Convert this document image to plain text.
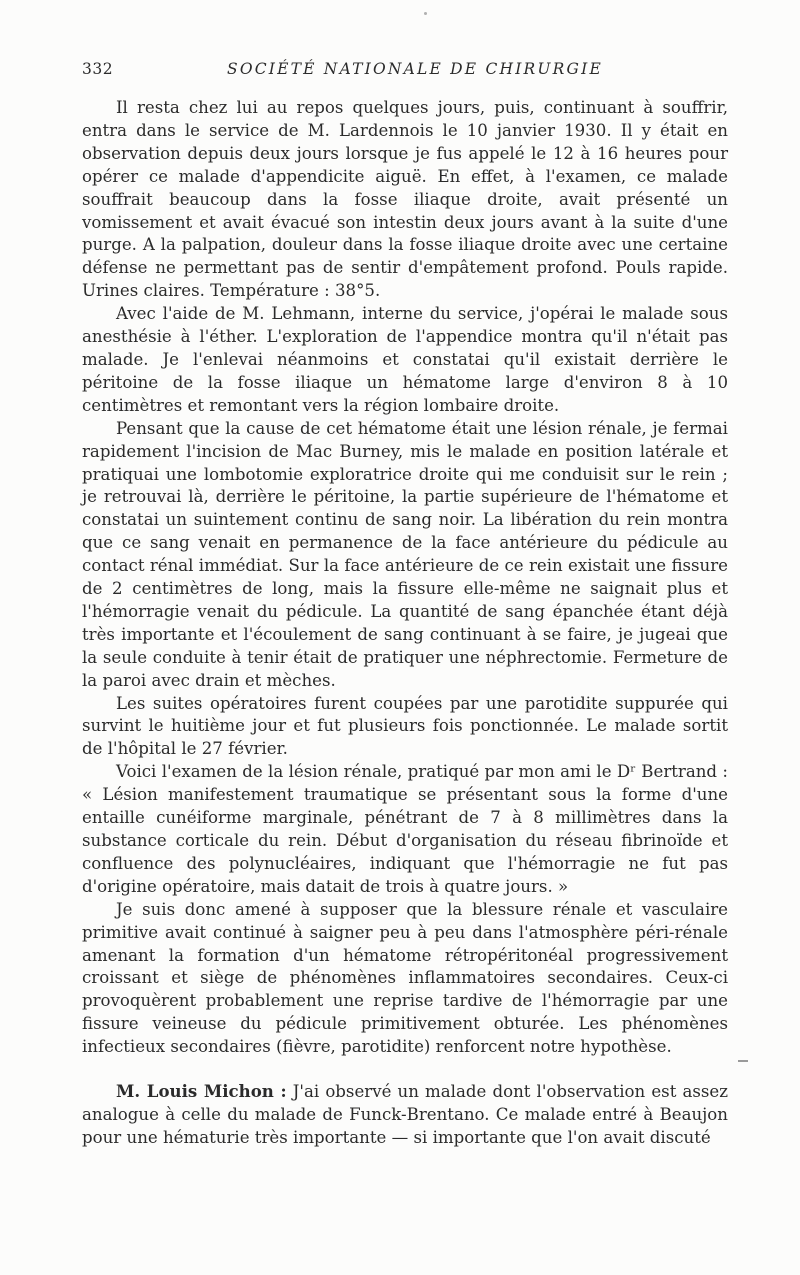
332	SOCIÉTÉ NATIONALE DE CHIRURGIE

Il resta chez lui au repos quelques jours, puis, continuant à souffrir, entra dans le service de M. Lardennois le 10 janvier 1930. Il y était en observation depuis deux jours lorsque je fus appelé le 12 à 16 heures pour opérer ce malade d'appendicite aiguë. En effet, à l'examen, ce malade souffrait beaucoup dans la fosse iliaque droite, avait présenté un vomissement et avait évacué son intestin deux jours avant à la suite d'une purge. A la palpation, douleur dans la fosse iliaque droite avec une certaine défense ne permettant pas de sentir d'empâtement profond. Pouls rapide. Urines claires. Température : 38°5.

Avec l'aide de M. Lehmann, interne du service, j'opérai le malade sous anesthésie à l'éther. L'exploration de l'appendice montra qu'il n'était pas malade. Je l'enlevai néanmoins et constatai qu'il existait derrière le péritoine de la fosse iliaque un hématome large d'environ 8 à 10 centimètres et remontant vers la région lombaire droite.

Pensant que la cause de cet hématome était une lésion rénale, je fermai rapidement l'incision de Mac Burney, mis le malade en position latérale et pratiquai une lombotomie exploratrice droite qui me conduisit sur le rein ; je retrouvai là, derrière le péritoine, la partie supérieure de l'hématome et constatai un suintement continu de sang noir. La libération du rein montra que ce sang venait en permanence de la face antérieure du pédicule au contact rénal immédiat. Sur la face antérieure de ce rein existait une fissure de 2 centimètres de long, mais la fissure elle-même ne saignait plus et l'hémorragie venait du pédicule. La quantité de sang épanchée étant déjà très importante et l'écoulement de sang continuant à se faire, je jugeai que la seule conduite à tenir était de pratiquer une néphrectomie. Fermeture de la paroi avec drain et mèches.

Les suites opératoires furent coupées par une parotidite suppurée qui survint le huitième jour et fut plusieurs fois ponctionnée. Le malade sortit de l'hôpital le 27 février.

Voici l'examen de la lésion rénale, pratiqué par mon ami le Dʳ Bertrand : « Lésion manifestement traumatique se présentant sous la forme d'une entaille cunéiforme marginale, pénétrant de 7 à 8 millimètres dans la substance corticale du rein. Début d'organisation du réseau fibrinoïde et confluence des polynucléaires, indiquant que l'hémorragie ne fut pas d'origine opératoire, mais datait de trois à quatre jours. »

Je suis donc amené à supposer que la blessure rénale et vasculaire primitive avait continué à saigner peu à peu dans l'atmosphère péri-rénale amenant la formation d'un hématome rétropéritonéal progressivement croissant et siège de phénomènes inflammatoires secondaires. Ceux-ci provoquèrent probablement une reprise tardive de l'hémorragie par une fissure veineuse du pédicule primitivement obturée. Les phénomènes infectieux secondaires (fièvre, parotidite) renforcent notre hypothèse.

M. Louis Michon : J'ai observé un malade dont l'observation est assez analogue à celle du malade de Funck-Brentano. Ce malade entré à Beaujon pour une hématurie très importante — si importante que l'on avait discuté
